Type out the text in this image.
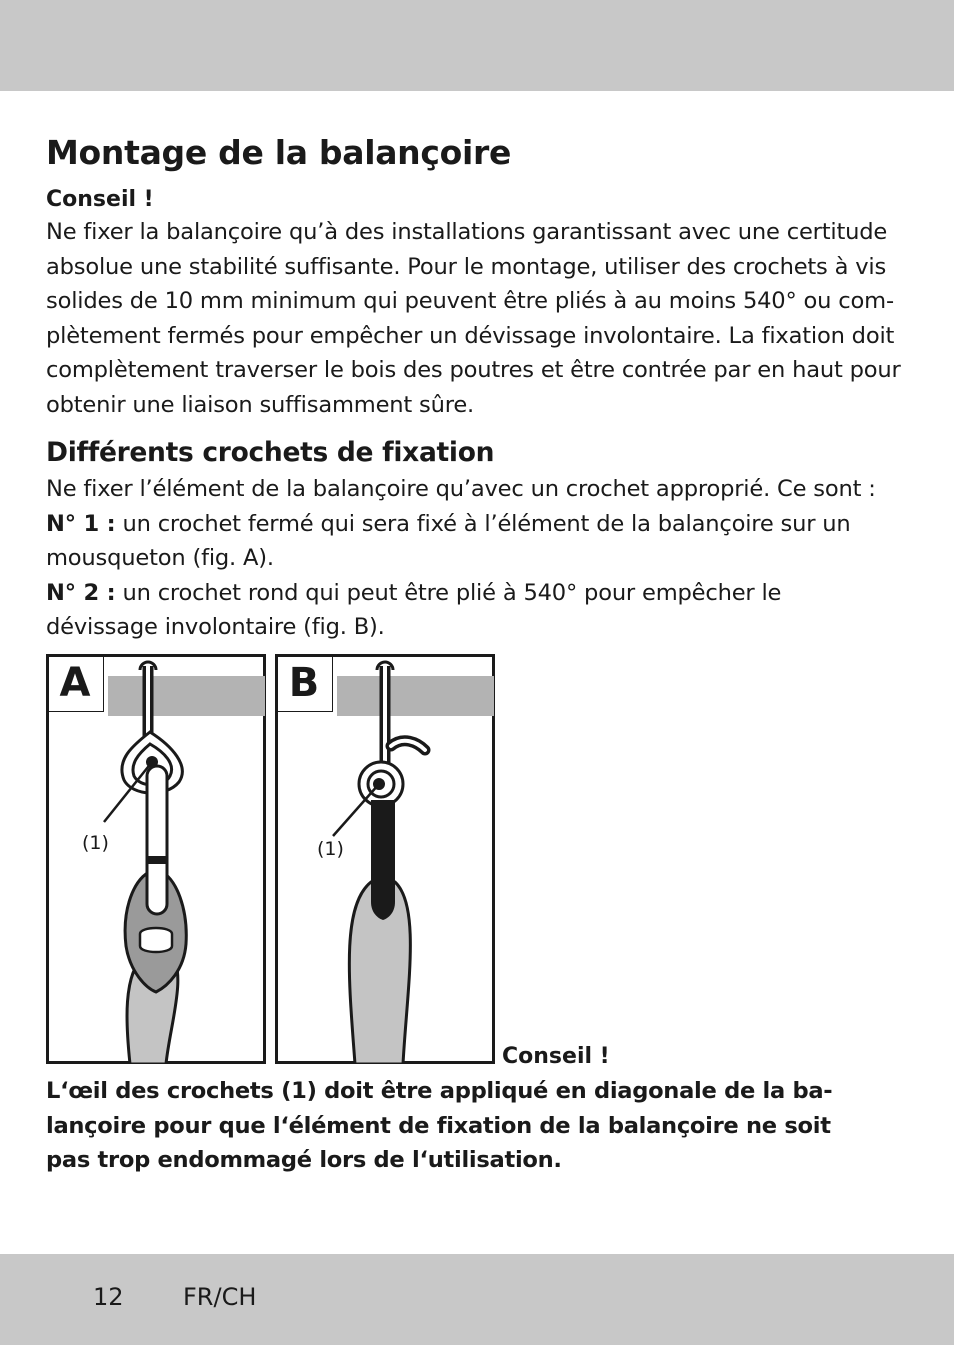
Montage de la balançoire
Conseil !

Ne fixer la balançoire qu’à des installations garantissant avec une certitude
absolue une stabilité suffisante. Pour le montage, utiliser des crochets à vis
solides de 10 mm minimum qui peuvent être pliés à au moins 540° ou com-
plètement fermés pour empêcher un dévissage involontaire. La fixation doit
complètement traverser le bois des poutres et être contrée par en haut pour
obtenir une liaison suffisamment sûre.

Différents crochets de fixation

Ne fixer l’élément de la balançoire qu’avec un crochet approprié. Ce sont :
N° 1 : un crochet fermé qui sera fixé à l’élément de la balançoire sur un
mousqueton (fig. A).
N° 2 : un crochet rond qui peut être plié à 540° pour empêcher le
dévissage involontaire (fig. B).

A
(1)
B
(1)
Conseil !
L‘œil des crochets (1) doit être appliqué en diagonale de la ba-
lançoire pour que l‘élément de fixation de la balançoire ne soit
pas trop endommagé lors de l‘utilisation.
12 FR/CH
